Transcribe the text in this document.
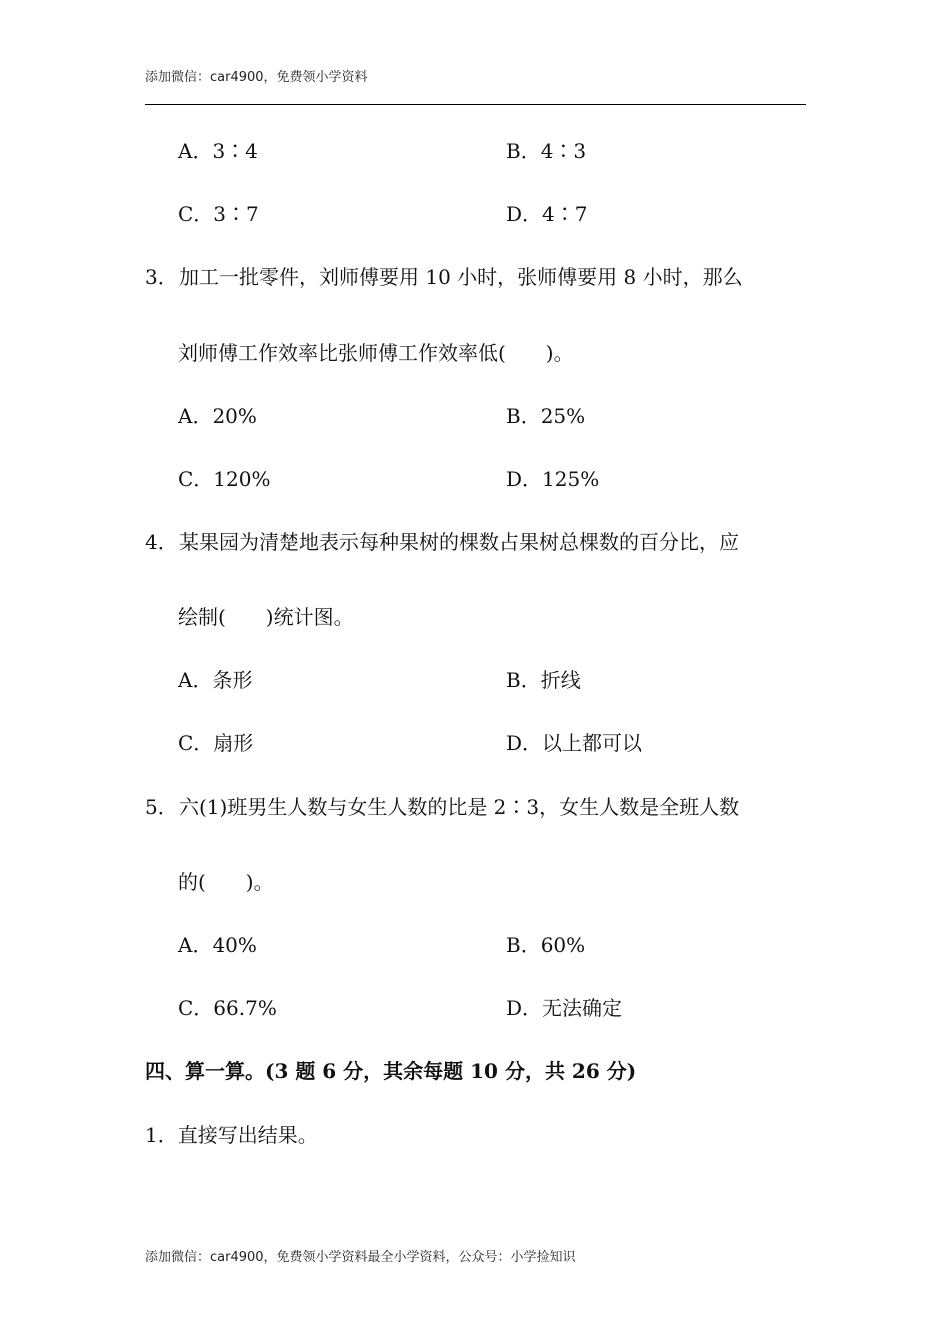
添加微信：car4900，免费领小学资料
A．3∶4	B．4∶3
C．3∶7	D．4∶7
3．加工一批零件，刘师傅要用 10 小时，张师傅要用 8 小时，那么
刘师傅工作效率比张师傅工作效率低(　　)。
A．20%	B．25%
C．120%	D．125%
4．某果园为清楚地表示每种果树的棵数占果树总棵数的百分比，应
绘制(　　)统计图。
A．条形	B．折线
C．扇形	D．以上都可以
5．六(1)班男生人数与女生人数的比是 2∶3，女生人数是全班人数
的(　　)。
A．40%	B．60%
C．66.7%	D．无法确定
四、算一算。(3 题 6 分，其余每题 10 分，共 26 分)
1．直接写出结果。
添加微信：car4900，免费领小学资料最全小学资料，公众号：小学捡知识
